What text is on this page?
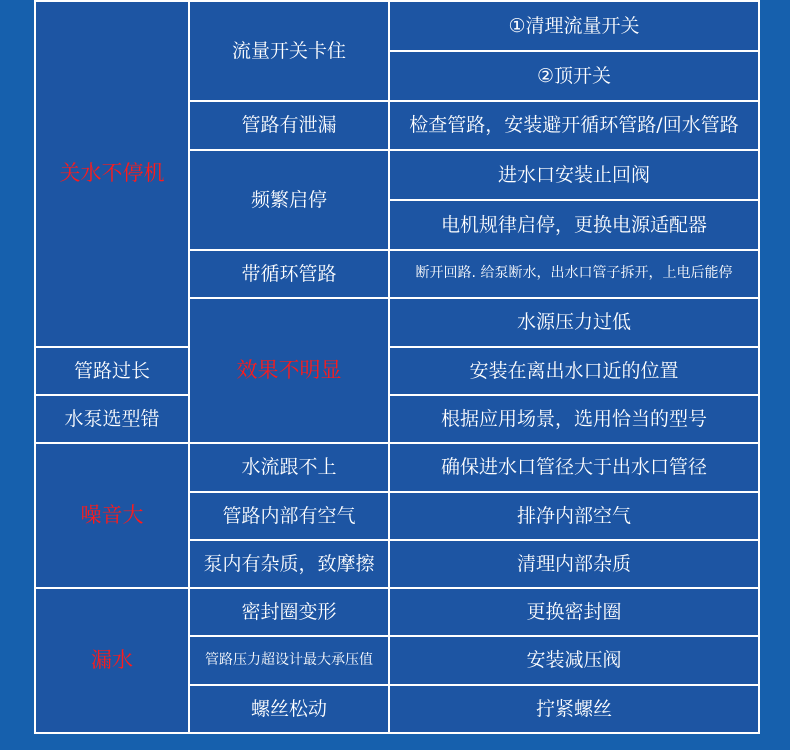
关水不停机	流量开关卡住	①清理流量开关	
		②顶开关	
	管路有泄漏	检查管路，安装避开循环管路/回水管路	
	频繁启停	进水口安装止回阀	
		电机规律启停，更换电源适配器	
	带循环管路	断开回路. 给泵断水，出水口管子拆开，上电后能停	
	效果不明显	水源压力过低	
管路过长		安装在离出水口近的位置	
水泵选型错		根据应用场景，选用恰当的型号	
噪音大	水流跟不上	确保进水口管径大于出水口管径	
	管路内部有空气	排净内部空气	
	泵内有杂质，致摩擦	清理内部杂质	
漏水	密封圈变形	更换密封圈	
	管路压力超设计最大承压值	安装减压阀	
	螺丝松动	拧紧螺丝	
